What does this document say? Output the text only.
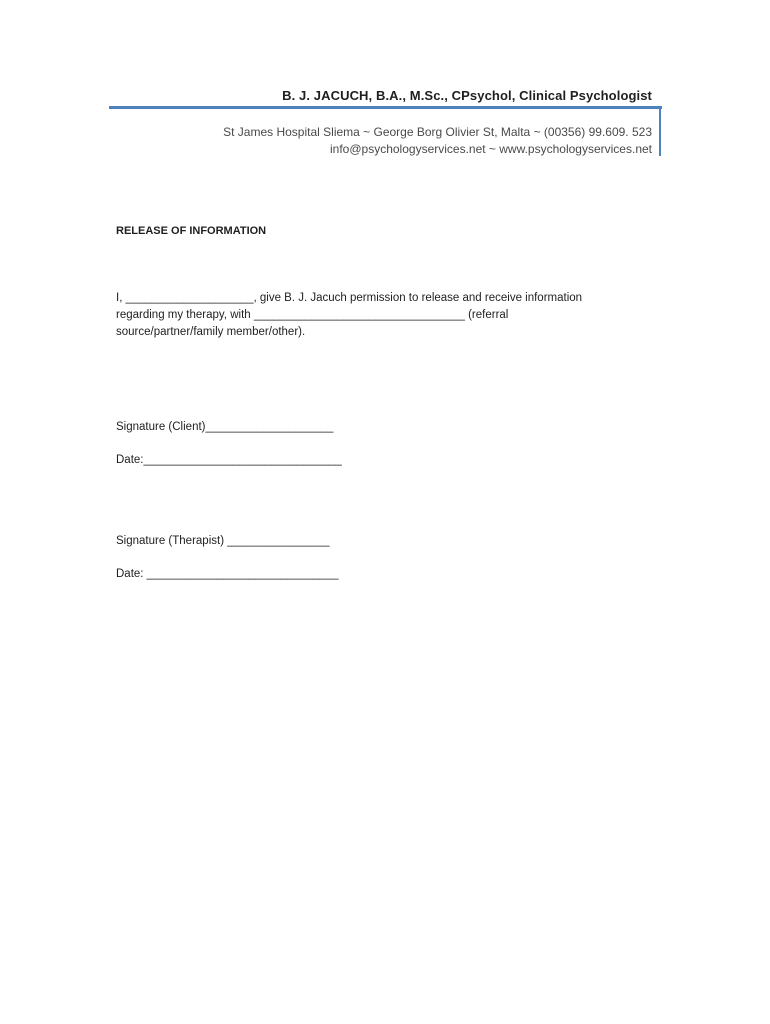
B. J. JACUCH, B.A., M.Sc., CPsychol, Clinical Psychologist
St James Hospital Sliema ~ George Borg Olivier St, Malta ~ (00356) 99.609. 523
info@psychologyservices.net ~ www.psychologyservices.net
RELEASE OF INFORMATION
I, ____________________, give B. J. Jacuch permission to release and receive information
regarding my therapy, with _________________________________ (referral
source/partner/family member/other).
Signature (Client)____________________
Date:_______________________________
Signature (Therapist) ________________
Date: ______________________________
